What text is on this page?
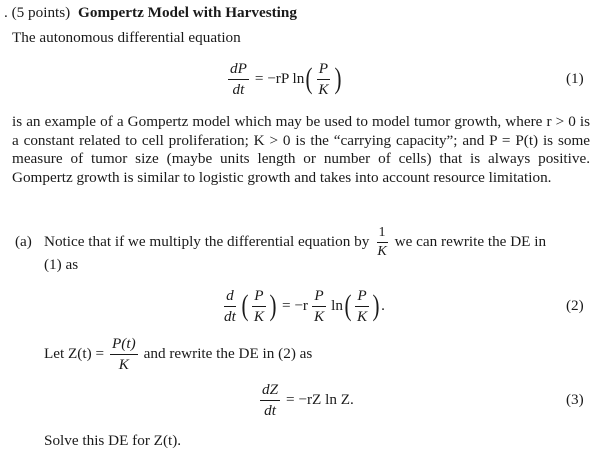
. (5 points) Gompertz Model with Harvesting
The autonomous differential equation
$\frac{dP}{dt} = -rP$ ln ( $\frac{P}{K}$ )	(1)
is an example of a Gompertz model which may be used to model tumor growth, where r > 0 is a constant related to cell proliferation; K > 0 is the “carrying capacity”; and P = P(t) is some measure of tumor size (maybe units length or number of cells) that is always positive. Gompertz growth is similar to logistic growth and takes into account resource limitation.
(a) Notice that if we multiply the differential equation by $\frac{1}{K}$ we can rewrite the DE in
(1) as
$\frac{d}{dt}$ ( $\frac{P}{K}$ ) = $-r \frac{P}{K}$ ln ( $\frac{P}{K}$ ) .	(2)
Let $Z(t) = \frac{P(t)}{K}$ and rewrite the DE in (2) as
$\frac{dZ}{dt} = -rZ$ ln Z.	(3)
Solve this DE for Z(t).
